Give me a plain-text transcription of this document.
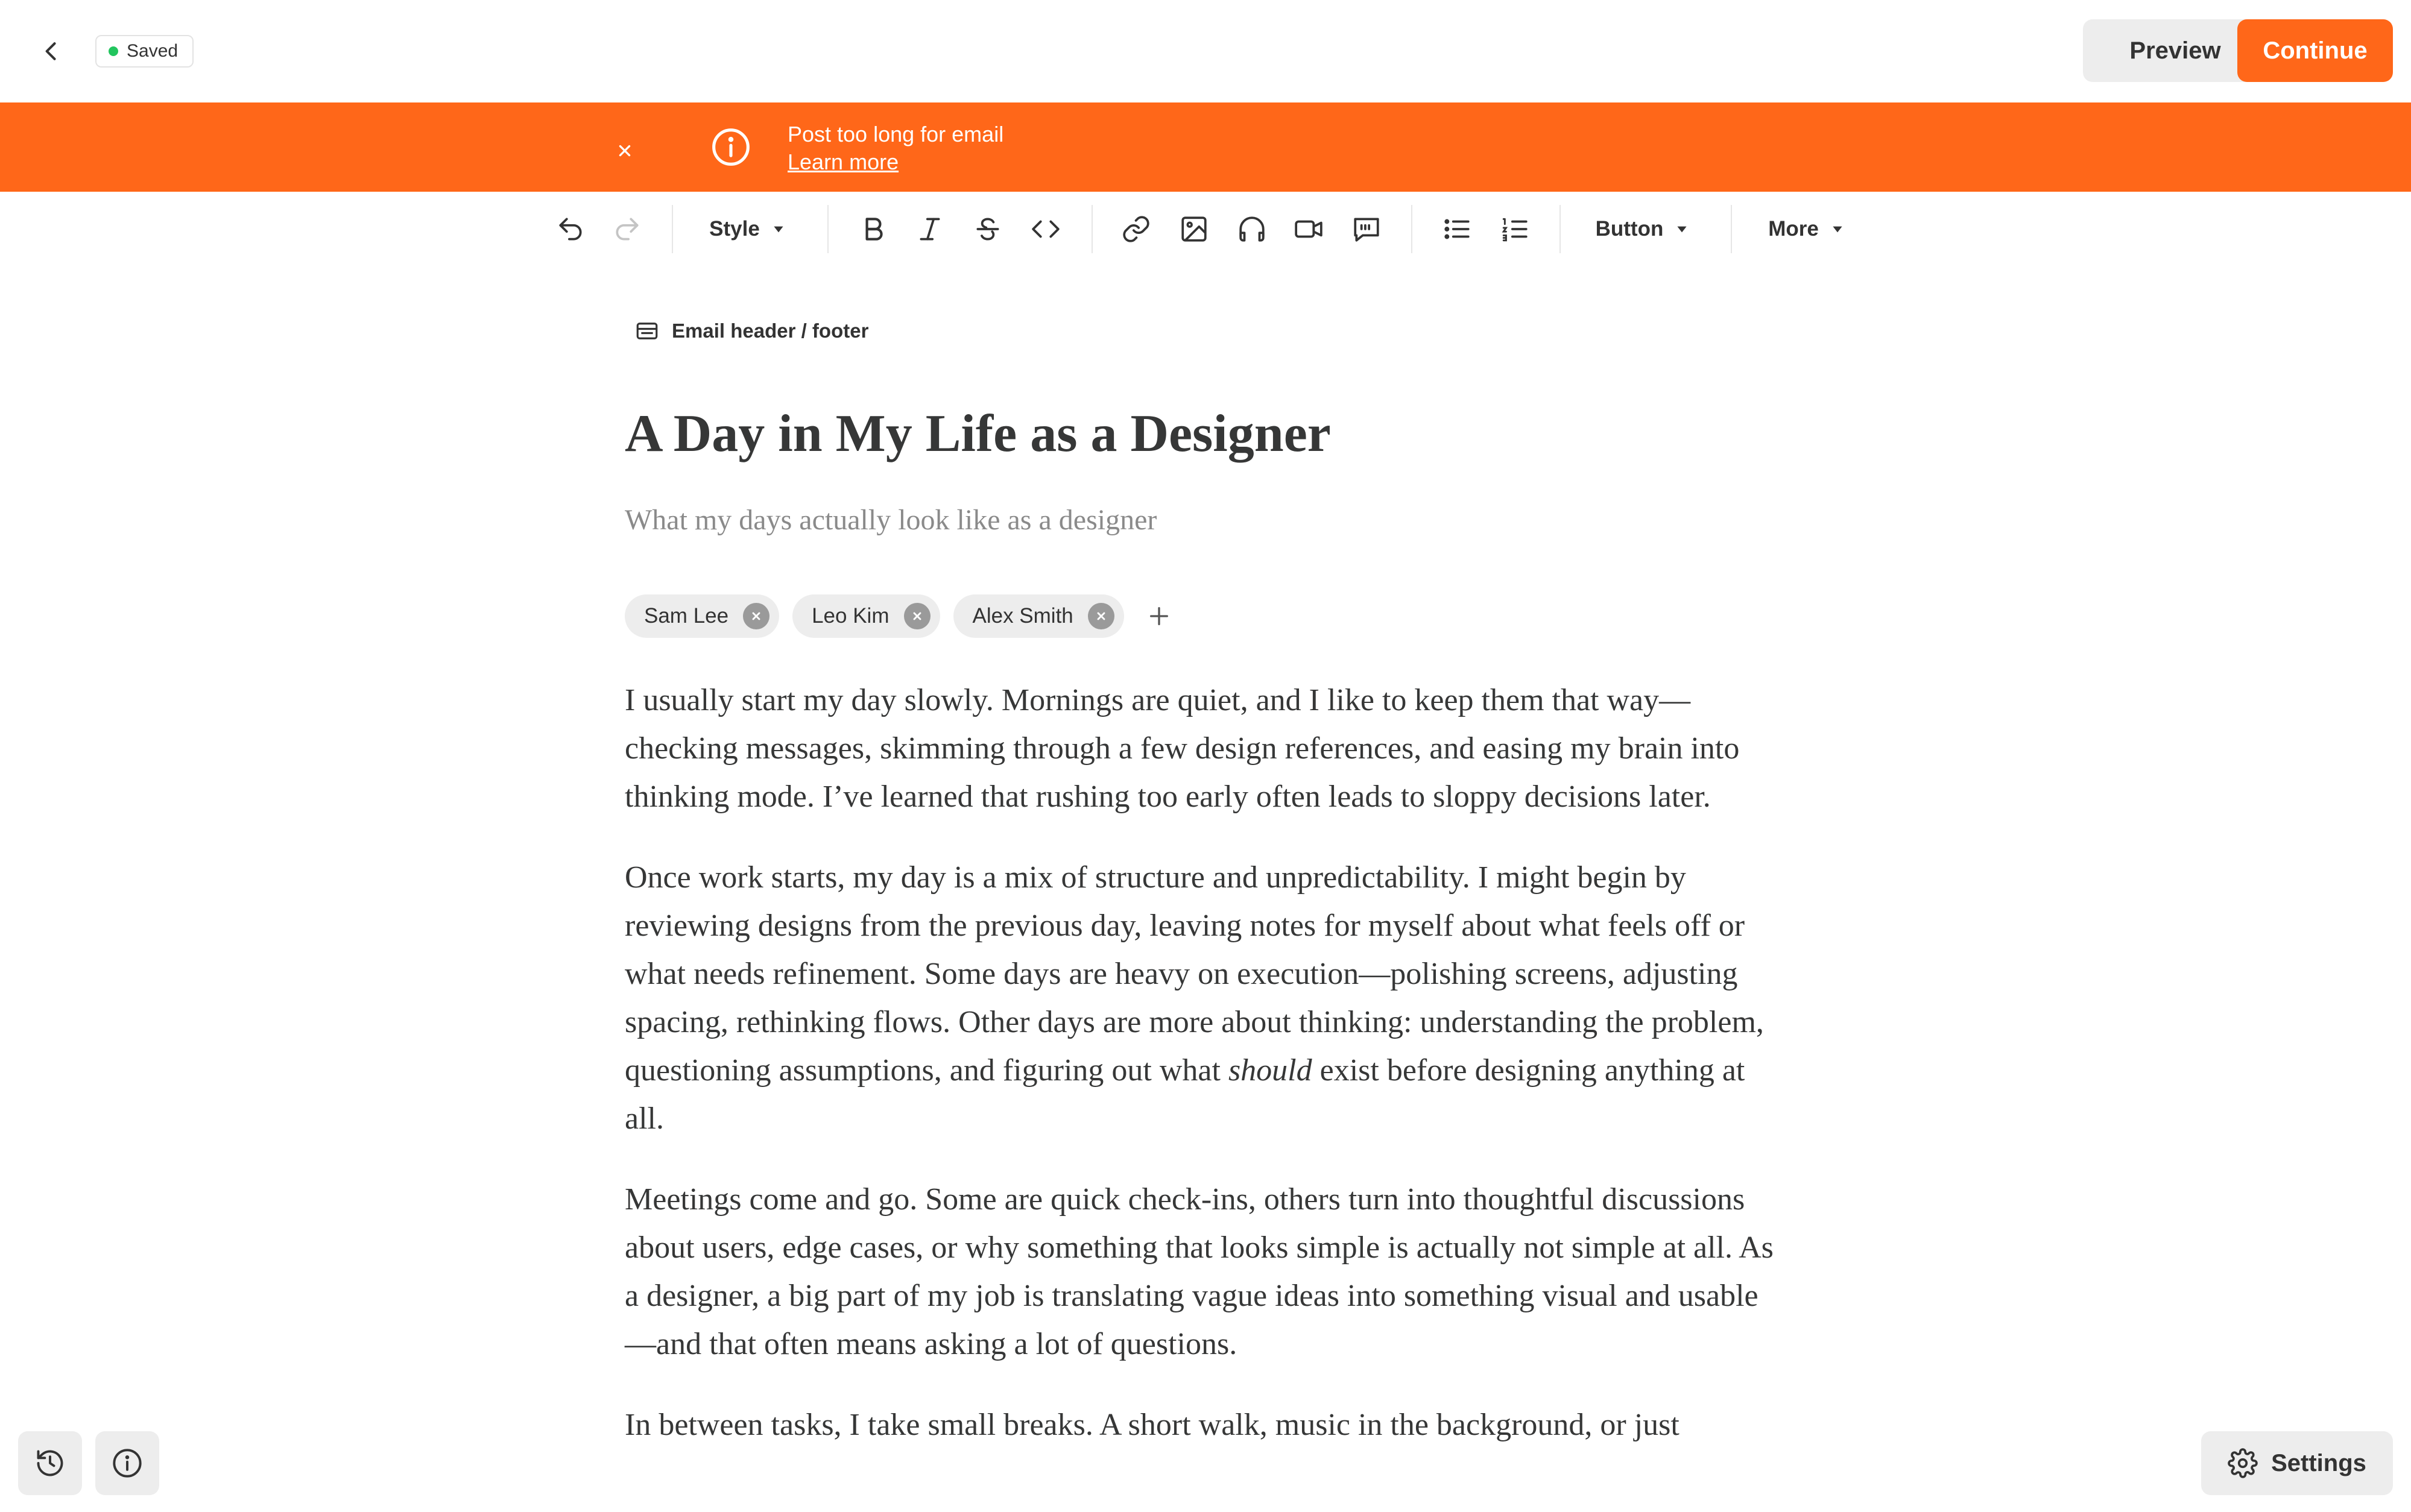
Saved	Preview	Continue
Post too long for email
Learn more
Style	Button	More
Email header / footer
A Day in My Life as a Designer
What my days actually look like as a designer
Sam Lee	Leo Kim	Alex Smith

I usually start my day slowly. Mornings are quiet, and I like to keep them that way—checking messages, skimming through a few design references, and easing my brain into thinking mode. I’ve learned that rushing too early often leads to sloppy decisions later.

Once work starts, my day is a mix of structure and unpredictability. I might begin by reviewing designs from the previous day, leaving notes for myself about what feels off or what needs refinement. Some days are heavy on execution—polishing screens, adjusting spacing, rethinking flows. Other days are more about thinking: understanding the problem, questioning assumptions, and figuring out what should exist before designing anything at all.

Meetings come and go. Some are quick check-ins, others turn into thoughtful discussions about users, edge cases, or why something that looks simple is actually not simple at all. As a designer, a big part of my job is translating vague ideas into something visual and usable—and that often means asking a lot of questions.

In between tasks, I take small breaks. A short walk, music in the background, or just

Settings
